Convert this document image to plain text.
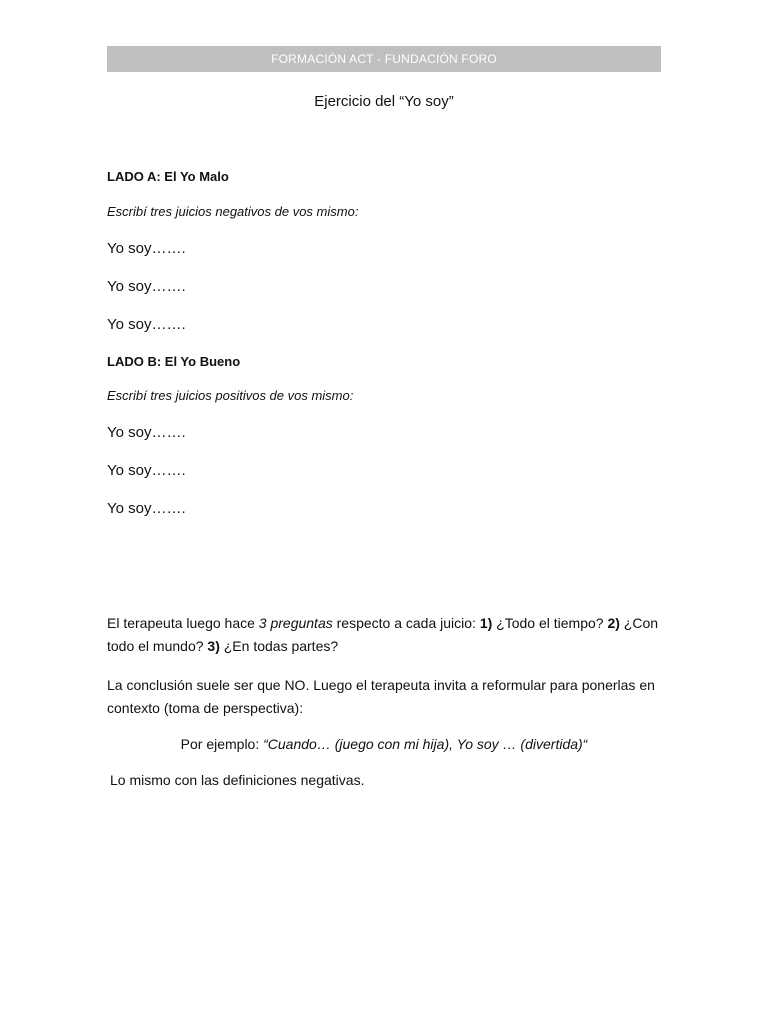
FORMACIÓN ACT - FUNDACIÓN FORO
Ejercicio del “Yo soy”
LADO A: El Yo Malo
Escribí tres juicios negativos de vos mismo:
Yo soy…….
Yo soy…….
Yo soy…….
LADO B: El Yo Bueno
Escribí tres juicios positivos de vos mismo:
Yo soy…….
Yo soy…….
Yo soy…….
El terapeuta luego hace 3 preguntas respecto a cada juicio: 1) ¿Todo el tiempo? 2) ¿Con todo el mundo? 3) ¿En todas partes?
La conclusión suele ser que NO. Luego el terapeuta invita a reformular para ponerlas en contexto (toma de perspectiva):
Por ejemplo: “Cuando… (juego con mi hija), Yo soy … (divertida)“
Lo mismo con las definiciones negativas.
